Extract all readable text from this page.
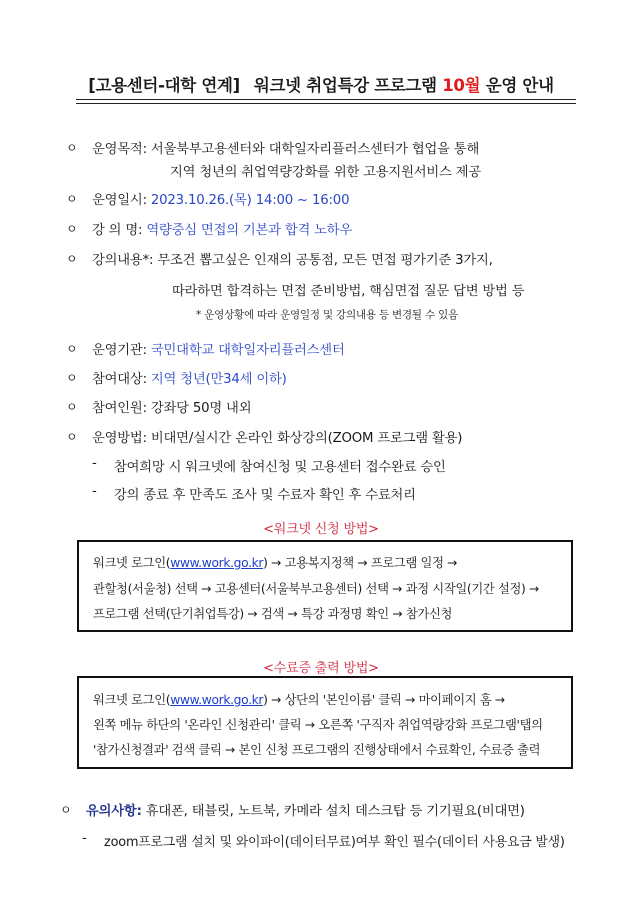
[고용센터-대학 연계] 워크넷 취업특강 프로그램 10월 운영 안내
ㅇ 운영목적: 서울북부고용센터와 대학일자리플러스센터가 협업을 통해
지역 청년의 취업역량강화를 위한 고용지원서비스 제공
ㅇ 운영일시: 2023.10.26.(목) 14:00 ~ 16:00
ㅇ 강 의 명: 역량중심 면접의 기본과 합격 노하우
ㅇ 강의내용*: 무조건 뽑고싶은 인재의 공통점, 모든 면접 평가기준 3가지,
따라하면 합격하는 면접 준비방법, 핵심면접 질문 답변 방법 등
* 운영상황에 따라 운영일정 및 강의내용 등 변경될 수 있음
ㅇ 운영기관: 국민대학교 대학일자리플러스센터
ㅇ 참여대상: 지역 청년(만34세 이하)
ㅇ 참여인원: 강좌당 50명 내외
ㅇ 운영방법: 비대면/실시간 온라인 화상강의(ZOOM 프로그램 활용)
- 참여희망 시 워크넷에 참여신청 및 고용센터 접수완료 승인
- 강의 종료 후 만족도 조사 및 수료자 확인 후 수료처리
<워크넷 신청 방법>
워크넷 로그인(www.work.go.kr) → 고용복지정책 → 프로그램 일정 →
관할청(서울청) 선택 → 고용센터(서울북부고용센터) 선택 → 과정 시작일(기간 설정) →
프로그램 선택(단기취업특강) → 검색 → 특강 과정명 확인 → 참가신청
<수료증 출력 방법>
워크넷 로그인(www.work.go.kr) → 상단의 '본인이름' 클릭 → 마이페이지 홈 →
왼쪽 메뉴 하단의 '온라인 신청관리' 클릭 → 오른쪽 '구직자 취업역량강화 프로그램'탭의
'참가신청결과' 검색 클릭 → 본인 신청 프로그램의 진행상태에서 수료확인, 수료증 출력
ㅇ 유의사항: 휴대폰, 태블릿, 노트북, 카메라 설치 데스크탑 등 기기필요(비대면)
- zoom프로그램 설치 및 와이파이(데이터무료)여부 확인 필수(데이터 사용요금 발생)
